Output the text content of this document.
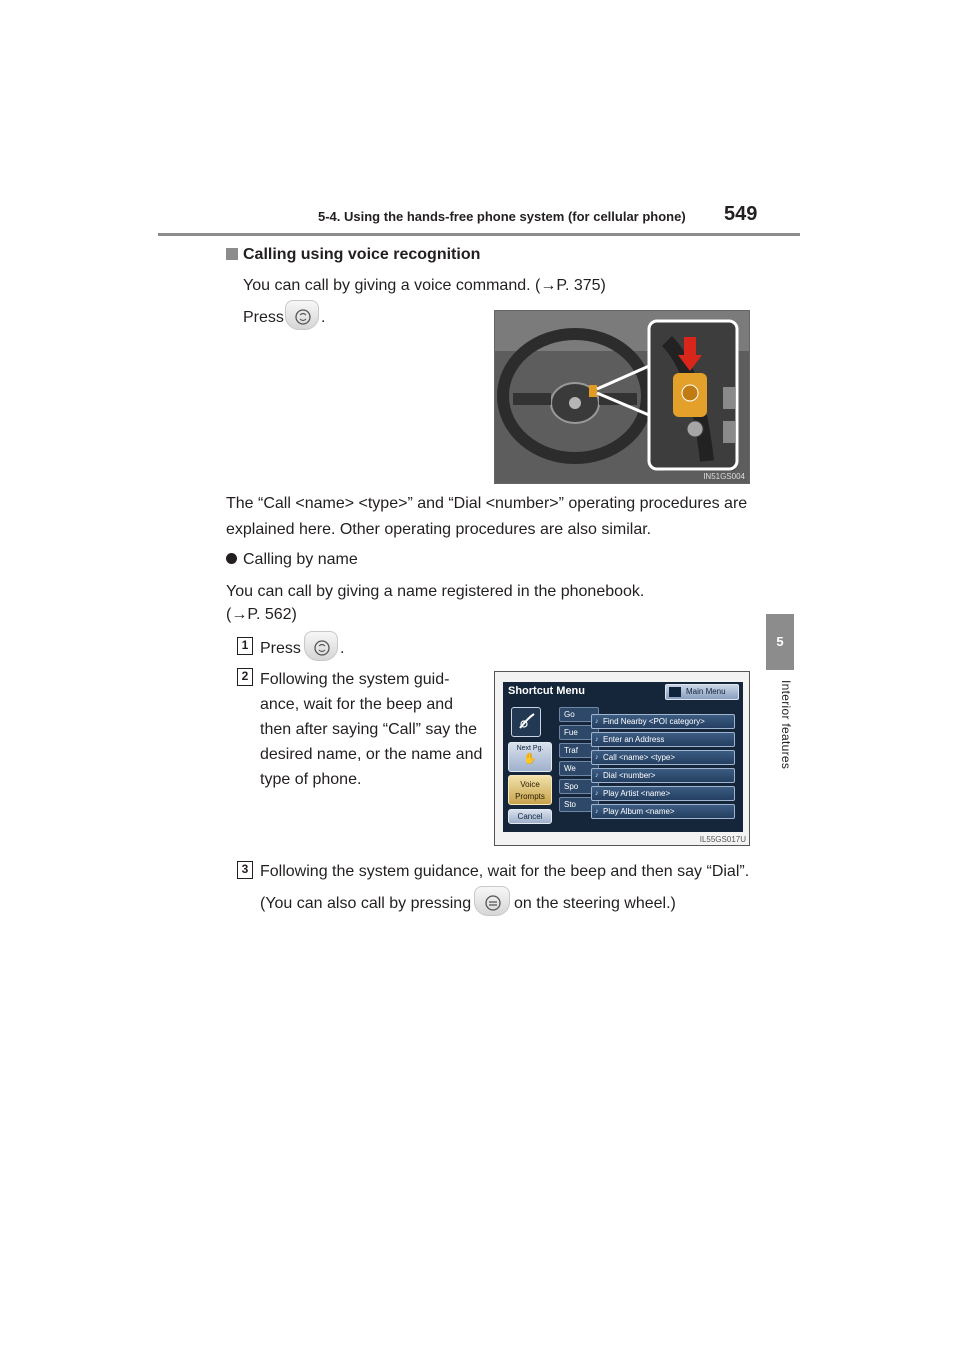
5-4. Using the hands-free phone system (for cellular phone) 549
5
Interior features
Calling using voice recognition
You can call by giving a voice command. (→P. 375)
Press .
IN51GS004
The “Call <name> <type>” and “Dial <number>” operating procedures are
explained here. Other operating procedures are also similar.
Calling by name
You can call by giving a name registered in the phonebook.
(→P. 562)
1 Press .
2 Following the system guid-
ance, wait for the beep and
then after saying “Call” say the
desired name, or the name and
type of phone.
Shortcut Menu	Main Menu
Next Pg.
✋
Voice
Prompts
Cancel
Go
Fue
Traf
We
Spo
Sto
♪ Find Nearby <POI category>
♪ Enter an Address
♪ Call <name> <type>
♪ Dial <number>
♪ Play Artist <name>
♪ Play Album <name>
IL55GS017U
3 Following the system guidance, wait for the beep and then say “Dial”.
(You can also call by pressing	on the steering wheel.)
